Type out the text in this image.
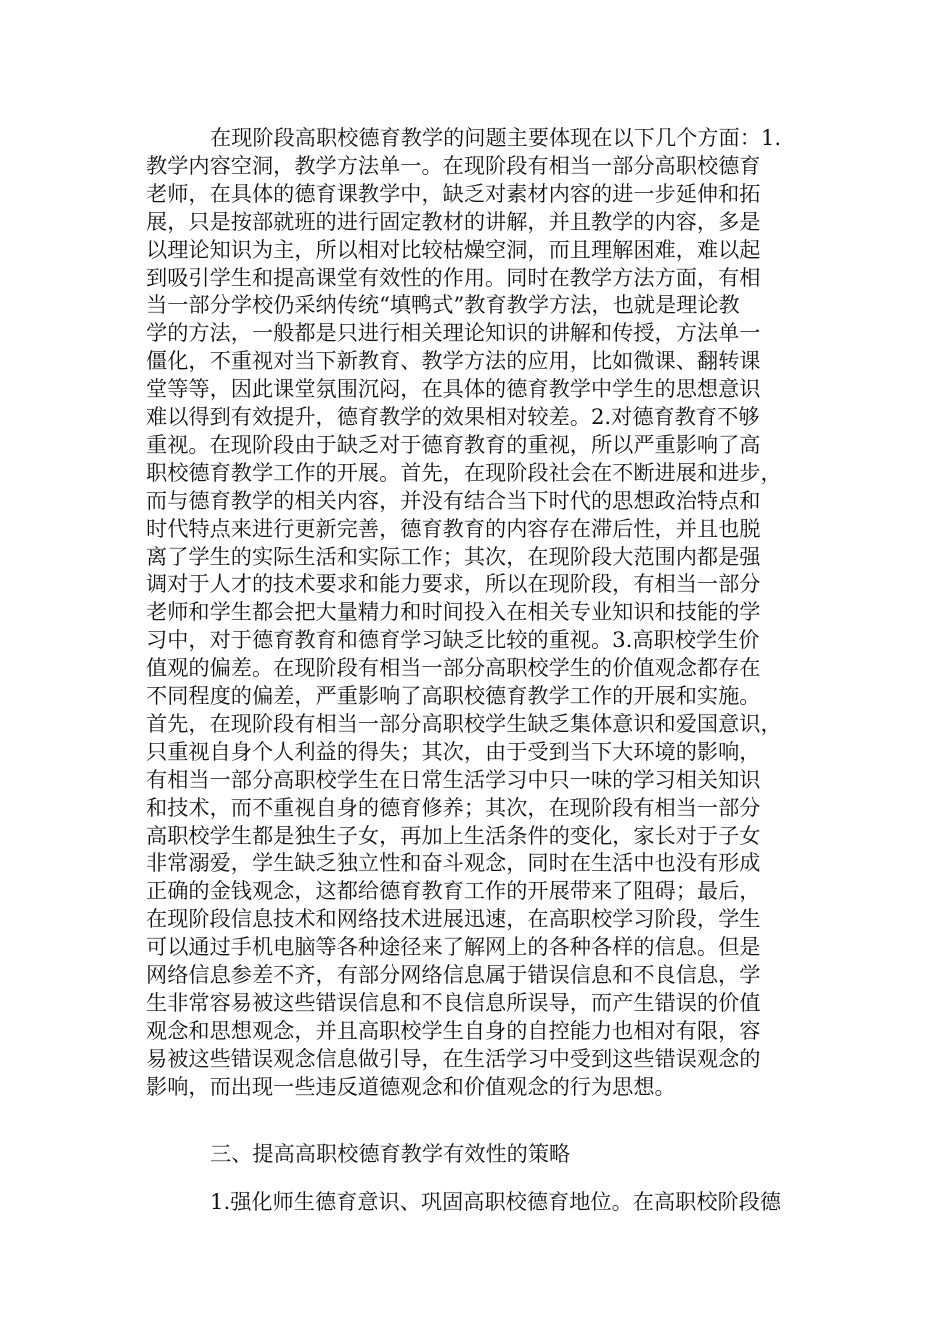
在现阶段高职校德育教学的问题主要体现在以下几个方面：1.
教学内容空洞，教学方法单一。在现阶段有相当一部分高职校德育
老师，在具体的德育课教学中，缺乏对素材内容的进一步延伸和拓
展，只是按部就班的进行固定教材的讲解，并且教学的内容，多是
以理论知识为主，所以相对比较枯燥空洞，而且理解困难，难以起
到吸引学生和提高课堂有效性的作用。同时在教学方法方面，有相
当一部分学校仍采纳传统“填鸭式”教育教学方法，也就是理论教
学的方法，一般都是只进行相关理论知识的讲解和传授，方法单一
僵化，不重视对当下新教育、教学方法的应用，比如微课、翻转课
堂等等，因此课堂氛围沉闷，在具体的德育教学中学生的思想意识
难以得到有效提升，德育教学的效果相对较差。2.对德育教育不够
重视。在现阶段由于缺乏对于德育教育的重视，所以严重影响了高
职校德育教学工作的开展。首先，在现阶段社会在不断进展和进步，
而与德育教学的相关内容，并没有结合当下时代的思想政治特点和
时代特点来进行更新完善，德育教育的内容存在滞后性，并且也脱
离了学生的实际生活和实际工作；其次，在现阶段大范围内都是强
调对于人才的技术要求和能力要求，所以在现阶段，有相当一部分
老师和学生都会把大量精力和时间投入在相关专业知识和技能的学
习中，对于德育教育和德育学习缺乏比较的重视。3.高职校学生价
值观的偏差。在现阶段有相当一部分高职校学生的价值观念都存在
不同程度的偏差，严重影响了高职校德育教学工作的开展和实施。
首先，在现阶段有相当一部分高职校学生缺乏集体意识和爱国意识，
只重视自身个人利益的得失；其次，由于受到当下大环境的影响，
有相当一部分高职校学生在日常生活学习中只一味的学习相关知识
和技术，而不重视自身的德育修养；其次，在现阶段有相当一部分
高职校学生都是独生子女，再加上生活条件的变化，家长对于子女
非常溺爱，学生缺乏独立性和奋斗观念，同时在生活中也没有形成
正确的金钱观念，这都给德育教育工作的开展带来了阻碍；最后，
在现阶段信息技术和网络技术进展迅速，在高职校学习阶段，学生
可以通过手机电脑等各种途径来了解网上的各种各样的信息。但是
网络信息参差不齐，有部分网络信息属于错误信息和不良信息，学
生非常容易被这些错误信息和不良信息所误导，而产生错误的价值
观念和思想观念，并且高职校学生自身的自控能力也相对有限，容
易被这些错误观念信息做引导，在生活学习中受到这些错误观念的
影响，而出现一些违反道德观念和价值观念的行为思想。
三、提高高职校德育教学有效性的策略
1.强化师生德育意识、巩固高职校德育地位。在高职校阶段德
